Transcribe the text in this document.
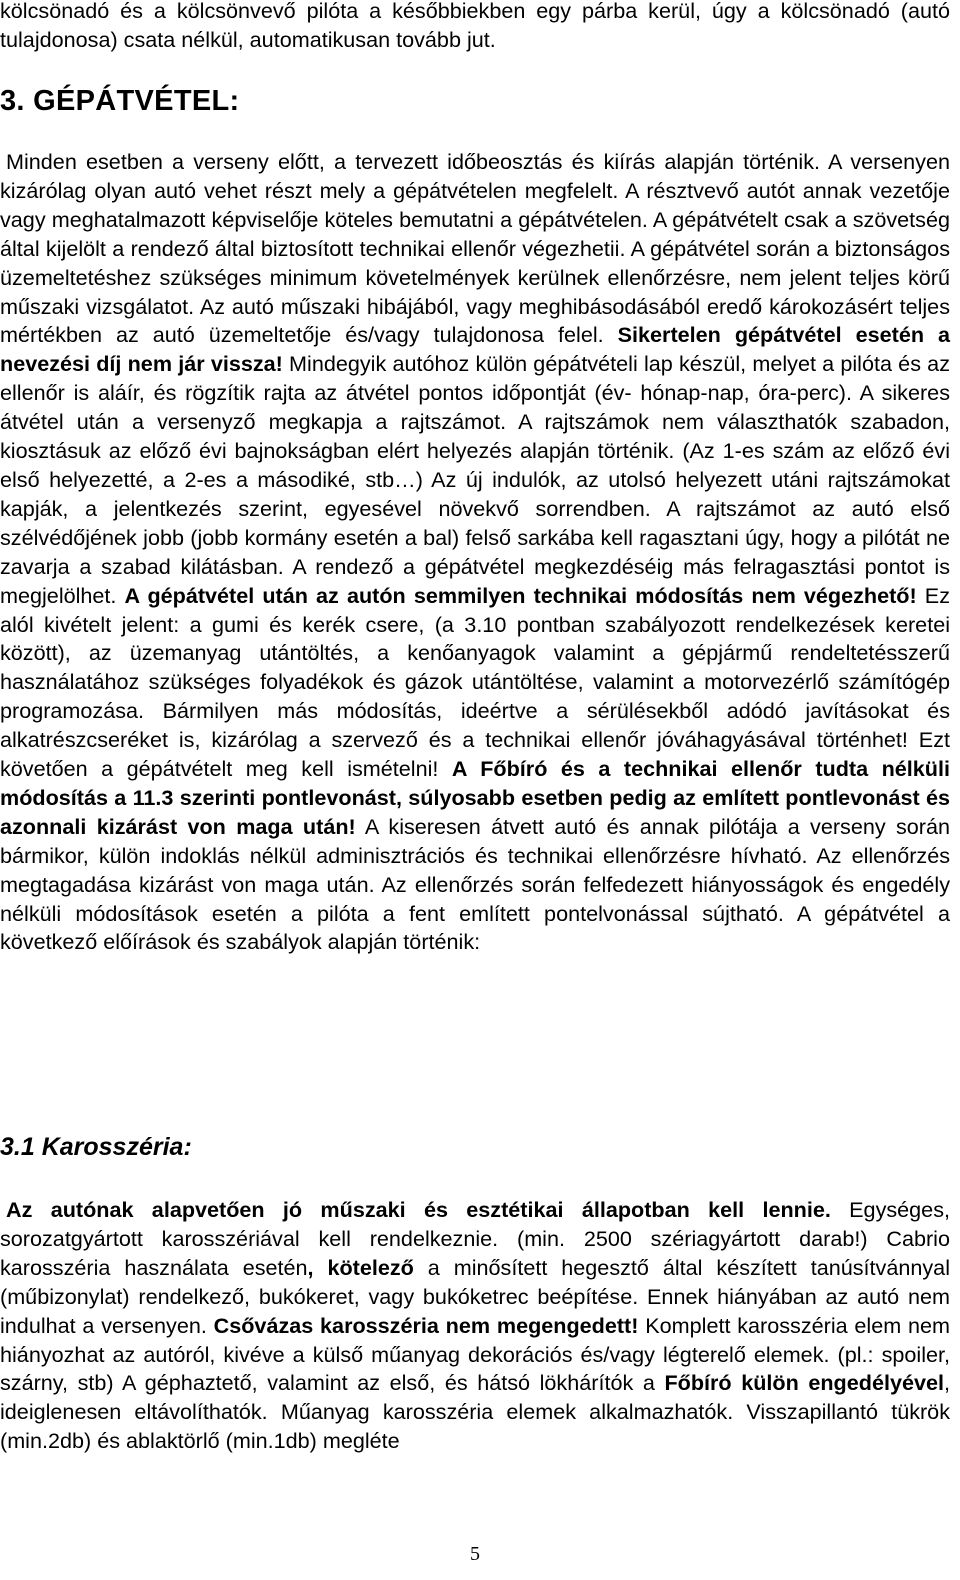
kölcsönadó és a kölcsönvevő pilóta a későbbiekben egy párba kerül, úgy a kölcsönadó (autó tulajdonosa) csata nélkül, automatikusan tovább jut.

3. GÉPÁTVÉTEL:

Minden esetben a verseny előtt, a tervezett időbeosztás és kiírás alapján történik. A versenyen kizárólag olyan autó vehet részt mely a gépátvételen megfelelt. A résztvevő autót annak vezetője vagy meghatalmazott képviselője köteles bemutatni a gépátvételen. A gépátvételt csak a szövetség által kijelölt a rendező által biztosított technikai ellenőr végezhetii. A gépátvétel során a biztonságos üzemeltetéshez szükséges minimum követelmények kerülnek ellenőrzésre, nem jelent teljes körű műszaki vizsgálatot. Az autó műszaki hibájából, vagy meghibásodásából eredő károkozásért teljes mértékben az autó üzemeltetője és/vagy tulajdonosa felel. Sikertelen gépátvétel esetén a nevezési díj nem jár vissza! Mindegyik autóhoz külön gépátvételi lap készül, melyet a pilóta és az ellenőr is aláír, és rögzítik rajta az átvétel pontos időpontját (év- hónap-nap, óra-perc). A sikeres átvétel után a versenyző megkapja a rajtszámot. A rajtszámok nem választhatók szabadon, kiosztásuk az előző évi bajnokságban elért helyezés alapján történik. (Az 1-es szám az előző évi első helyezetté, a 2-es a másodiké, stb…) Az új indulók, az utolsó helyezett utáni rajtszámokat kapják, a jelentkezés szerint, egyesével növekvő sorrendben. A rajtszámot az autó első szélvédőjének jobb (jobb kormány esetén a bal) felső sarkába kell ragasztani úgy, hogy a pilótát ne zavarja a szabad kilátásban. A rendező a gépátvétel megkezdéséig más felragasztási pontot is megjelölhet. A gépátvétel után az autón semmilyen technikai módosítás nem végezhető! Ez alól kivételt jelent: a gumi és kerék csere, (a 3.10 pontban szabályozott rendelkezések keretei között), az üzemanyag utántöltés, a kenőanyagok valamint a gépjármű rendeltetésszerű használatához szükséges folyadékok és gázok utántöltése, valamint a motorvezérlő számítógép programozása. Bármilyen más módosítás, ideértve a sérülésekből adódó javításokat és alkatrészcseréket is, kizárólag a szervező és a technikai ellenőr jóváhagyásával történhet! Ezt követően a gépátvételt meg kell ismételni! A Főbíró és a technikai ellenőr tudta nélküli módosítás a 11.3 szerinti pontlevonást, súlyosabb esetben pedig az említett pontlevonást és azonnali kizárást von maga után! A kiseresen átvett autó és annak pilótája a verseny során bármikor, külön indoklás nélkül adminisztrációs és technikai ellenőrzésre hívható. Az ellenőrzés megtagadása kizárást von maga után. Az ellenőrzés során felfedezett hiányosságok és engedély nélküli módosítások esetén a pilóta a fent említett pontelvonással sújtható. A gépátvétel a következő előírások és szabályok alapján történik:

3.1 Karosszéria:

Az autónak alapvetően jó műszaki és esztétikai állapotban kell lennie. Egységes, sorozatgyártott karosszériával kell rendelkeznie. (min. 2500 szériagyártott darab!) Cabrio karosszéria használata esetén, kötelező a minősített hegesztő által készített tanúsítvánnyal (műbizonylat) rendelkező, bukókeret, vagy bukóketrec beépítése. Ennek hiányában az autó nem indulhat a versenyen. Csővázas karosszéria nem megengedett! Komplett karosszéria elem nem hiányozhat az autóról, kivéve a külső műanyag dekorációs és/vagy légterelő elemek. (pl.: spoiler, szárny, stb) A géphaztető, valamint az első, és hátsó lökhárítók a Főbíró külön engedélyével, ideiglenesen eltávolíthatók. Műanyag karosszéria elemek alkalmazhatók. Visszapillantó tükrök (min.2db) és ablaktörlő (min.1db) megléte

5
